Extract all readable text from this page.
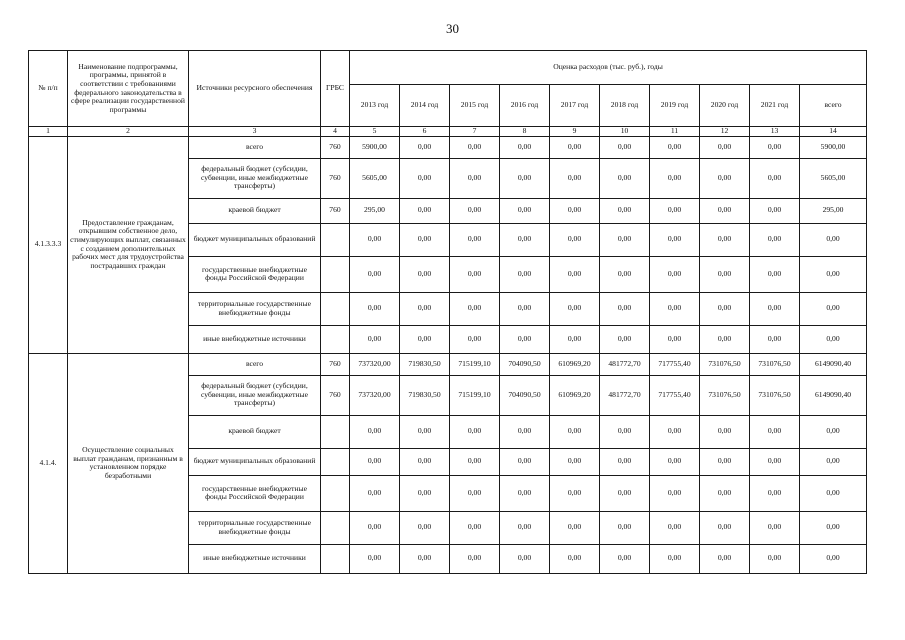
30
№ п/п	Наименование подпрограммы, программы, принятой в соответствии с требованиями федерального законодательства в сфере реализации государственной программы	Источники ресурсного обеспечения	ГРБС	Оценка расходов (тыс. руб.), годы									
				2013 год	2014 год	2015 год	2016 год	2017 год	2018 год	2019 год	2020 год	2021 год	всего
1	2	3	4	5	6	7	8	9	10	11	12	13	14
4.1.3.3.3	Предоставление гражданам, открывшим собственное дело, стимулирующих выплат, связанных с созданием дополнительных рабочих мест для трудоустройства пострадавших граждан	всего	760	5900,00	0,00	0,00	0,00	0,00	0,00	0,00	0,00	0,00	5900,00
		федеральный бюджет (субсидии, субвенции, иные межбюджетные трансферты)	760	5605,00	0,00	0,00	0,00	0,00	0,00	0,00	0,00	0,00	5605,00
		краевой бюджет	760	295,00	0,00	0,00	0,00	0,00	0,00	0,00	0,00	0,00	295,00
		бюджет муниципальных образований		0,00	0,00	0,00	0,00	0,00	0,00	0,00	0,00	0,00	0,00
		государственные внебюджетные фонды Российской Федерации		0,00	0,00	0,00	0,00	0,00	0,00	0,00	0,00	0,00	0,00
		территориальные государственные внебюджетные фонды		0,00	0,00	0,00	0,00	0,00	0,00	0,00	0,00	0,00	0,00
		иные внебюджетные источники		0,00	0,00	0,00	0,00	0,00	0,00	0,00	0,00	0,00	0,00
4.1.4.	Осуществление социальных выплат гражданам, признанным в установленном порядке безработными	всего	760	737320,00	719830,50	715199,10	704090,50	610969,20	481772,70	717755,40	731076,50	731076,50	6149090,40
		федеральный бюджет (субсидии, субвенции, иные межбюджетные трансферты)	760	737320,00	719830,50	715199,10	704090,50	610969,20	481772,70	717755,40	731076,50	731076,50	6149090,40
		краевой бюджет		0,00	0,00	0,00	0,00	0,00	0,00	0,00	0,00	0,00	0,00
		бюджет муниципальных образований		0,00	0,00	0,00	0,00	0,00	0,00	0,00	0,00	0,00	0,00
		государственные внебюджетные фонды Российской Федерации		0,00	0,00	0,00	0,00	0,00	0,00	0,00	0,00	0,00	0,00
		территориальные государственные внебюджетные фонды		0,00	0,00	0,00	0,00	0,00	0,00	0,00	0,00	0,00	0,00
		иные внебюджетные источники		0,00	0,00	0,00	0,00	0,00	0,00	0,00	0,00	0,00	0,00
